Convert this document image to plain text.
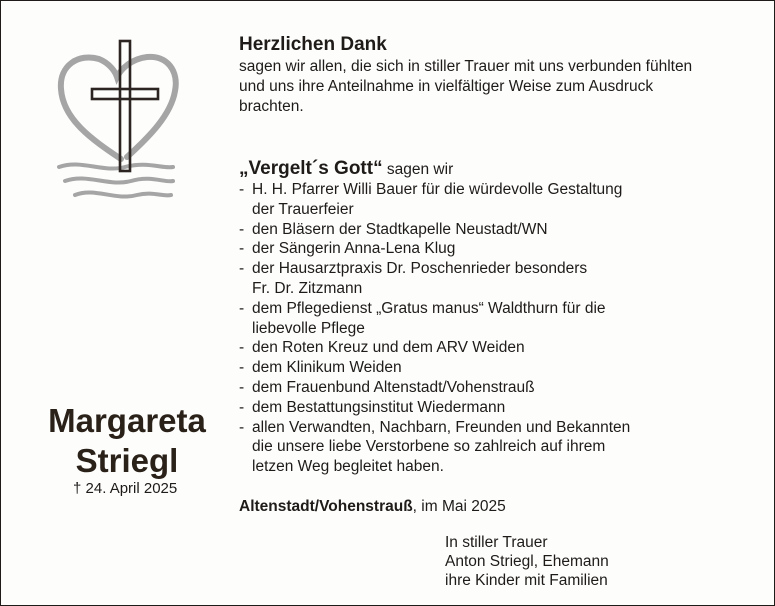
Margareta
Striegl
† 24. April 2025
Herzlichen Dank
sagen wir allen, die sich in stiller Trauer mit uns verbunden fühlten und uns ihre Anteilnahme in vielfältiger Weise zum Ausdruck brachten.
„Vergelt´s Gott“ sagen wir
- H. H. Pfarrer Willi Bauer für die würdevolle Gestaltung
der Trauerfeier
- den Bläsern der Stadtkapelle Neustadt/WN
- der Sängerin Anna-Lena Klug
- der Hausarztpraxis Dr. Poschenrieder besonders
Fr. Dr. Zitzmann
- dem Pflegedienst „Gratus manus“ Waldthurn für die
liebevolle Pflege
- den Roten Kreuz und dem ARV Weiden
- dem Klinikum Weiden
- dem Frauenbund Altenstadt/Vohenstrauß
- dem Bestattungsinstitut Wiedermann
- allen Verwandten, Nachbarn, Freunden und Bekannten
die unsere liebe Verstorbene so zahlreich auf ihrem
letzen Weg begleitet haben.
Altenstadt/Vohenstrauß, im Mai 2025
In stiller Trauer
Anton Striegl, Ehemann
ihre Kinder mit Familien
